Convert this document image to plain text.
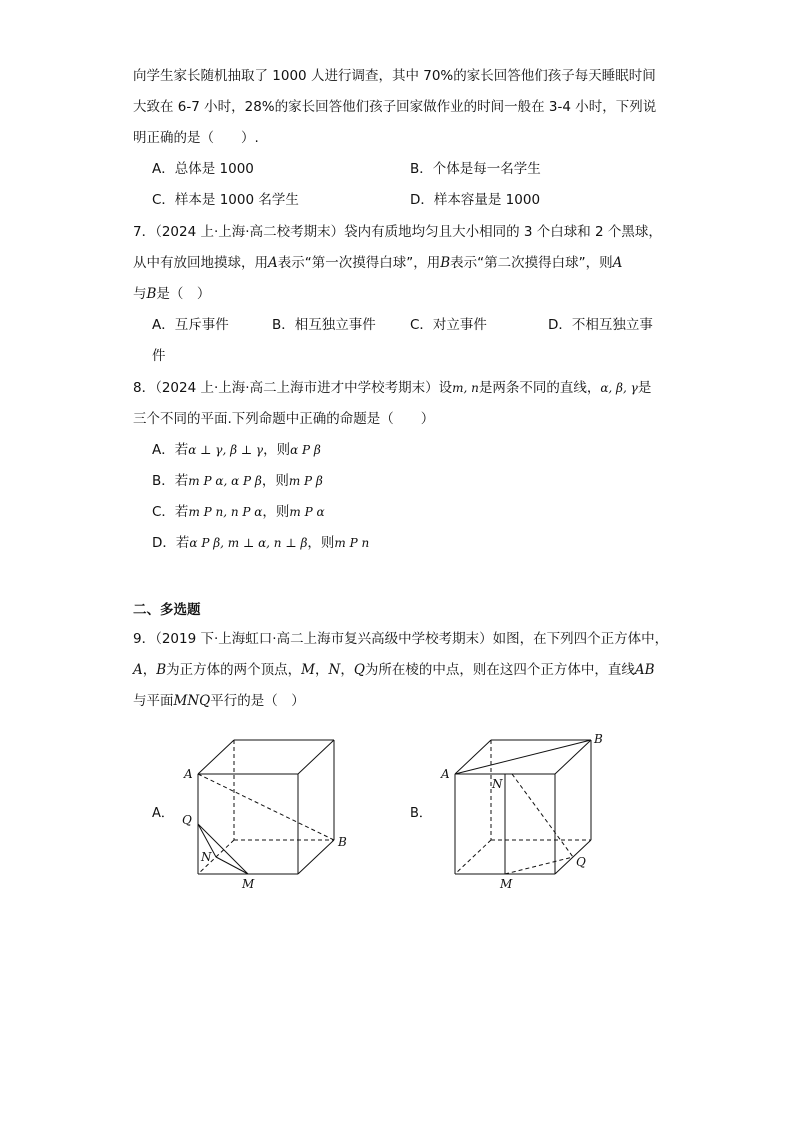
向学生家长随机抽取了 1000 人进行调查，其中 70%的家长回答他们孩子每天睡眠时间
大致在 6-7 小时，28%的家长回答他们孩子回家做作业的时间一般在 3-4 小时，下列说
明正确的是（　　）.
A．总体是 1000	B．个体是每一名学生
C．样本是 1000 名学生	D．样本容量是 1000
7．（2024 上·上海·高二校考期末）袋内有质地均匀且大小相同的 3 个白球和 2 个黑球，
从中有放回地摸球，用A表示“第一次摸得白球”，用B表示“第二次摸得白球”，则A
与B是（　）
A．互斥事件	B．相互独立事件	C．对立事件	D．不相互独立事
件
8．（2024 上·上海·高二上海市进才中学校考期末）设m, n是两条不同的直线，α, β, γ是
三个不同的平面.下列命题中正确的命题是（　　）
A．若α ⊥ γ, β ⊥ γ，则α P β
B．若m P α, α P β，则m P β
C．若m P n, n P α，则m P α
D．若α P β, m ⊥ α, n ⊥ β，则m P n
二、多选题
9．（2019 下·上海虹口·高二上海市复兴高级中学校考期末）如图，在下列四个正方体中，
A，B为正方体的两个顶点，M，N，Q为所在棱的中点，则在这四个正方体中，直线AB
与平面MNQ平行的是（　）
A．
A
B
Q
N
M
B．
A
B
N
Q
M
